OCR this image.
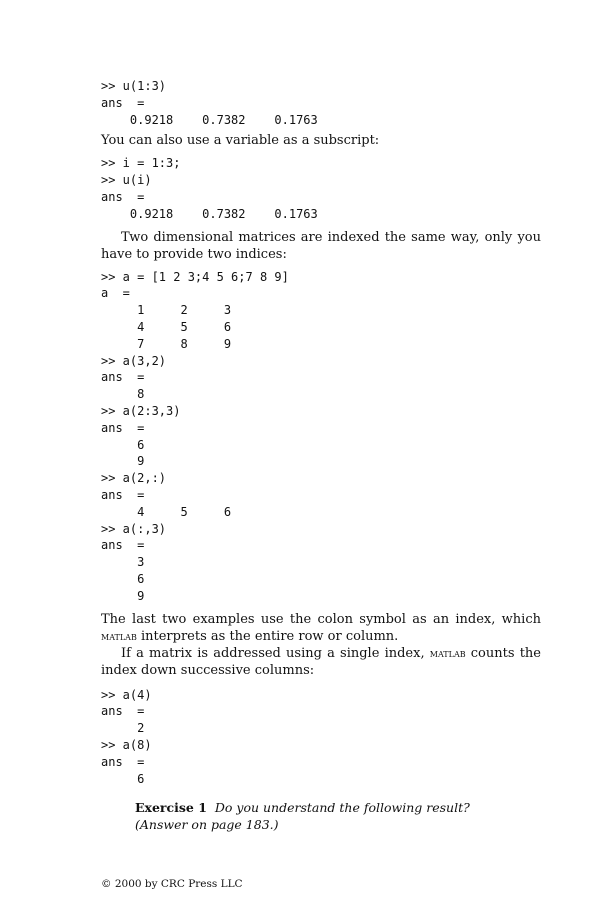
>> u(1:3)
ans  =
0.9218    0.7382    0.1763

You can also use a variable as a subscript:

>> i = 1:3;
>> u(i)
ans  =
0.9218    0.7382    0.1763

Two dimensional matrices are indexed the same way, only you have to provide two indices:

>> a = [1 2 3;4 5 6;7 8 9]
a  =
1     2     3
4     5     6
7     8     9
>> a(3,2)
ans  =
8
>> a(2:3,3)
ans  =
6
9
>> a(2,:)
ans  =
4     5     6
>> a(:,3)
ans  =
3
6
9

The last two examples use the colon symbol as an index, which matlab interprets as the entire row or column.

If a matrix is addressed using a single index, matlab counts the index down successive columns:

>> a(4)
ans  =
2
>> a(8)
ans  =
6

Exercise 1 Do you understand the following result? (Answer on page 183.)

© 2000 by CRC Press LLC
